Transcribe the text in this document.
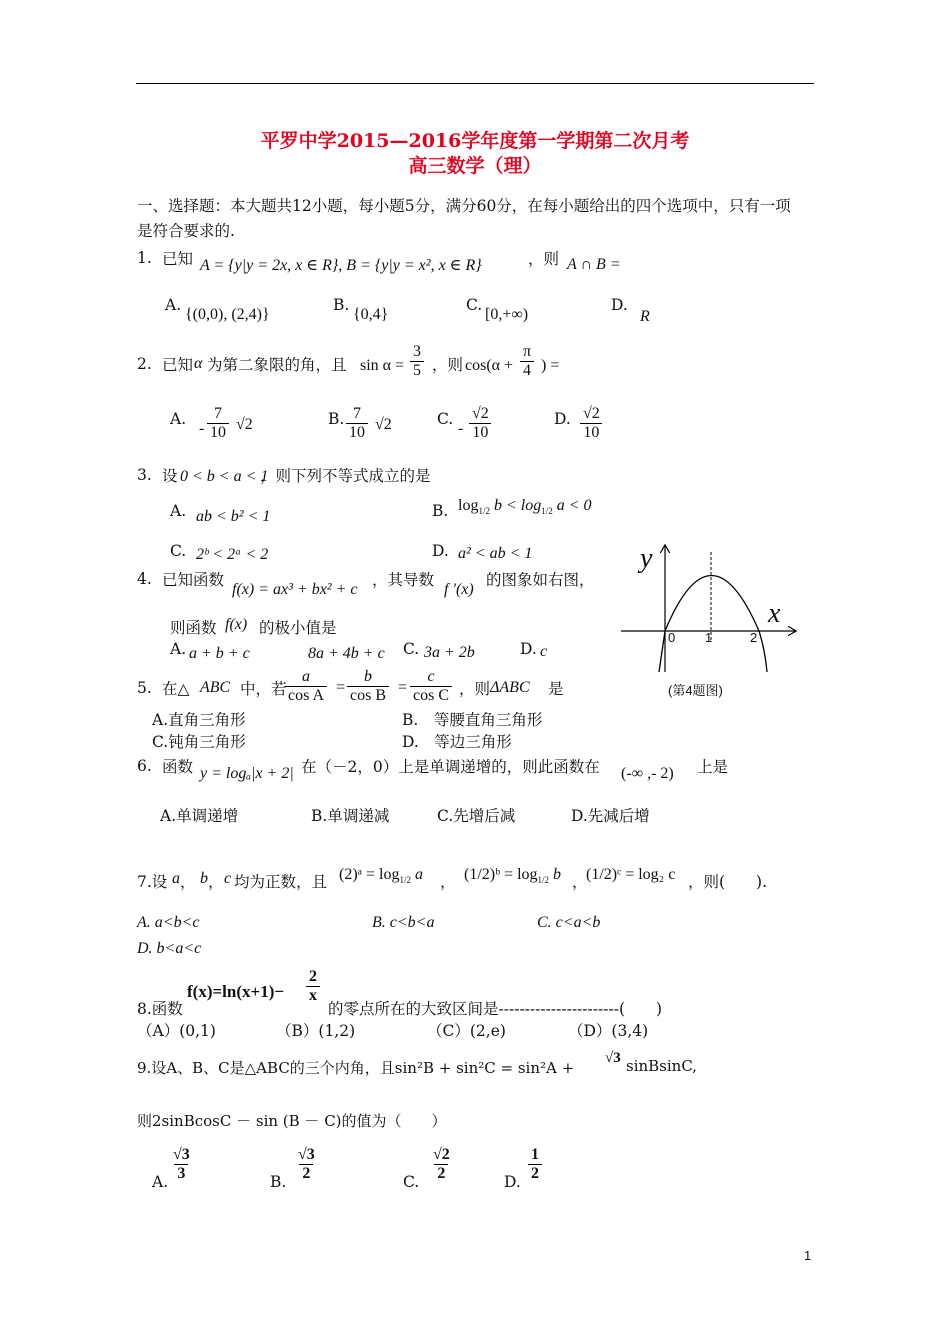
平罗中学2015—2016学年度第一学期第二次月考
高三数学（理）
一、选择题：本大题共12小题，每小题5分，满分60分，在每小题给出的四个选项中，只有一项
是符合要求的.
1. 已知 A = {y|y = 2x, x ∈ R}, B = {y|y = x², x ∈ R}	，则 A ∩ B =
A.
{(0,0), (2,4)}
B.
{0,4}
C.
[0,+∞)
D.
R
2. 已知 α 为第二象限的角，且 $\sin \alpha = \frac{3}{5}$ ，则 $\cos(\alpha + \frac{\pi}{4}$ ) =
A.
- $\frac{7}{10} √2$	B. $\frac{7}{10} √2$	C.
- $\frac{√2}{10}$	D. $\frac{√2}{10}$
3. 设 0 < b < a < 1
，则下列不等式成立的是
A. ab < b² < 1	B. $\log_{1/2} b < \log_{1/2} a < 0$
C. 2ᵇ < 2ᵃ < 2	D. a² < ab < 1
4. 已知函数
f(x) = ax³ + bx² + c
，其导数
f ′(x)
的图象如右图，
则函数 f(x) 的极小值是
A. a + b + c	8a + 4b + c C. 3a + 2b	D. c
y
x
0 1	2
(第4题图)
5. 在△ ABC 中，若
$\frac{a}{\text{cos A}} = \frac{b}{\text{cos B}} = \frac{c}{\text{cos C}}$ ，则 ΔABC 是
A.直角三角形	B.　等腰直角三角形
C.钝角三角形	D.　等边三角形
6. 函数 y = logₐ|x + 2| 在（－2，0）上是单调递增的，则此函数在 (-∞ ,- 2) 上是
A.单调递增	B.单调递减	C.先增后减	D.先减后增
7.设 a ， b ， c 均为正数，且 (2)ᵃ = $\log_{1/2} a$ ， (1/2)ᵇ = $\log_{1/2} b$ ，
(1/2)ᶜ = log₂ c ，则(　　).
A. a<b<c	B. c<b<a	C. c<a<b
D. b<a<c
8.函数
$f(x)=\ln(x+1)- \frac{2}{x}$
的零点所在的大致区间是-----------------------(　　)
（A）(0,1)	（B）(1,2)	（C）(2,e)	（D）(3,4)
9.设A、B、C是△ABC的三个内角，且sin²B + sin²C = sin²A +
√3 sinBsinC,
则2sinBcosC － sin (B － C)的值为（　　）
A. $\frac{√3}{3}$	B. $\frac{√3}{2}$	C. $\frac{√2}{2}$	D. $\frac{1}{2}$
1
